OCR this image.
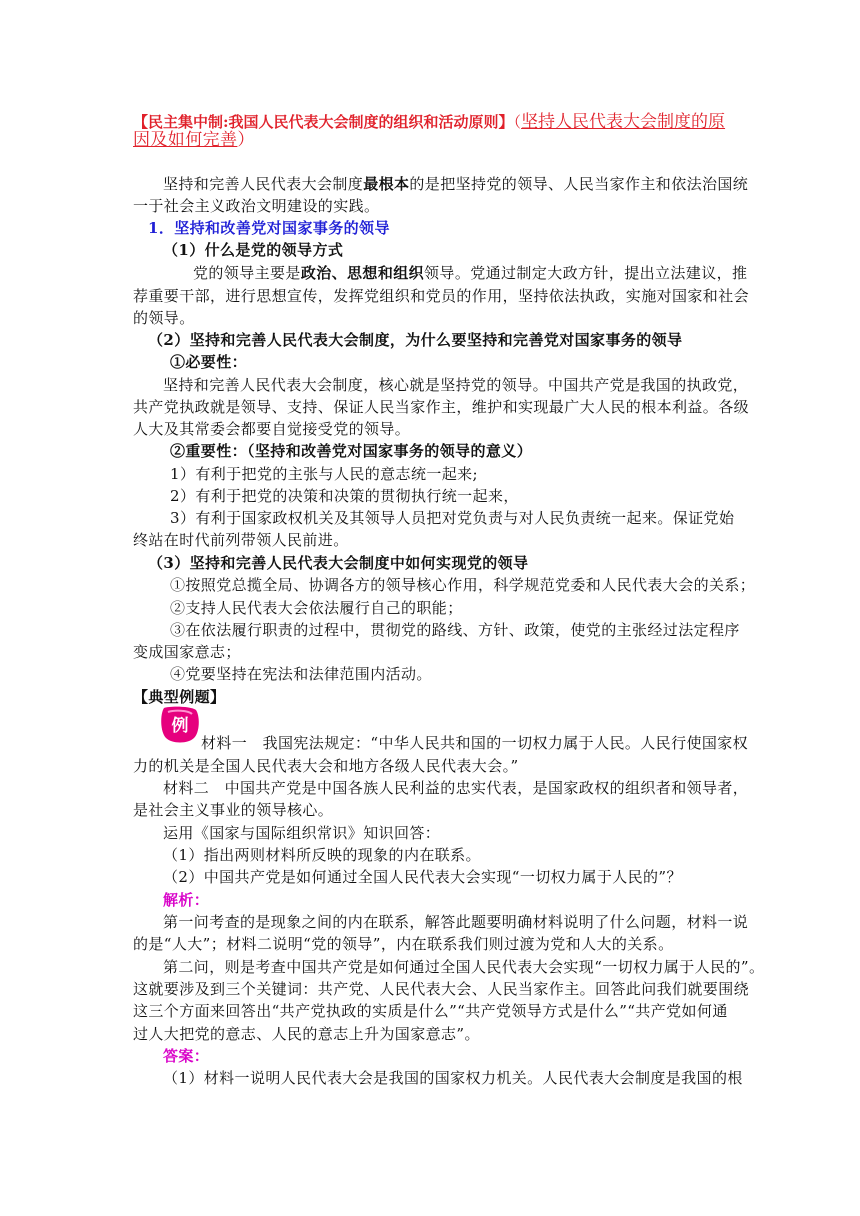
【民主集中制:我国人民代表大会制度的组织和活动原则】（坚持人民代表大会制度的原
因及如何完善）
坚持和完善人民代表大会制度最根本的是把坚持党的领导、人民当家作主和依法治国统
一于社会主义政治文明建设的实践。
1．坚持和改善党对国家事务的领导
（1）什么是党的领导方式
党的领导主要是政治、思想和组织领导。党通过制定大政方针，提出立法建议，推
荐重要干部，进行思想宣传，发挥党组织和党员的作用，坚持依法执政，实施对国家和社会
的领导。
（2）坚持和完善人民代表大会制度，为什么要坚持和完善党对国家事务的领导
①必要性：
坚持和完善人民代表大会制度，核心就是坚持党的领导。中国共产党是我国的执政党，
共产党执政就是领导、支持、保证人民当家作主，维护和实现最广大人民的根本利益。各级
人大及其常委会都要自觉接受党的领导。
②重要性：（坚持和改善党对国家事务的领导的意义）
1）有利于把党的主张与人民的意志统一起来;
2）有利于把党的决策和决策的贯彻执行统一起来，
3）有利于国家政权机关及其领导人员把对党负责与对人民负责统一起来。保证党始
终站在时代前列带领人民前进。
（3）坚持和完善人民代表大会制度中如何实现党的领导
①按照党总揽全局、协调各方的领导核心作用，科学规范党委和人民代表大会的关系；
②支持人民代表大会依法履行自己的职能；
③在依法履行职责的过程中，贯彻党的路线、方针、政策，使党的主张经过法定程序
变成国家意志；
④党要坚持在宪法和法律范围内活动。
【典型例题】
例
材料一　我国宪法规定：“中华人民共和国的一切权力属于人民。人民行使国家权
力的机关是全国人民代表大会和地方各级人民代表大会。”
材料二　中国共产党是中国各族人民利益的忠实代表，是国家政权的组织者和领导者，
是社会主义事业的领导核心。
运用《国家与国际组织常识》知识回答：
（1）指出两则材料所反映的现象的内在联系。
（2）中国共产党是如何通过全国人民代表大会实现“一切权力属于人民的”？
解析：
第一问考查的是现象之间的内在联系，解答此题要明确材料说明了什么问题，材料一说
的是“人大”；材料二说明“党的领导”，内在联系我们则过渡为党和人大的关系。
第二问，则是考查中国共产党是如何通过全国人民代表大会实现“一切权力属于人民的”。
这就要涉及到三个关键词：共产党、人民代表大会、人民当家作主。回答此问我们就要围绕
这三个方面来回答出“共产党执政的实质是什么”“共产党领导方式是什么”“共产党如何通
过人大把党的意志、人民的意志上升为国家意志”。
答案：
（1）材料一说明人民代表大会是我国的国家权力机关。人民代表大会制度是我国的根
